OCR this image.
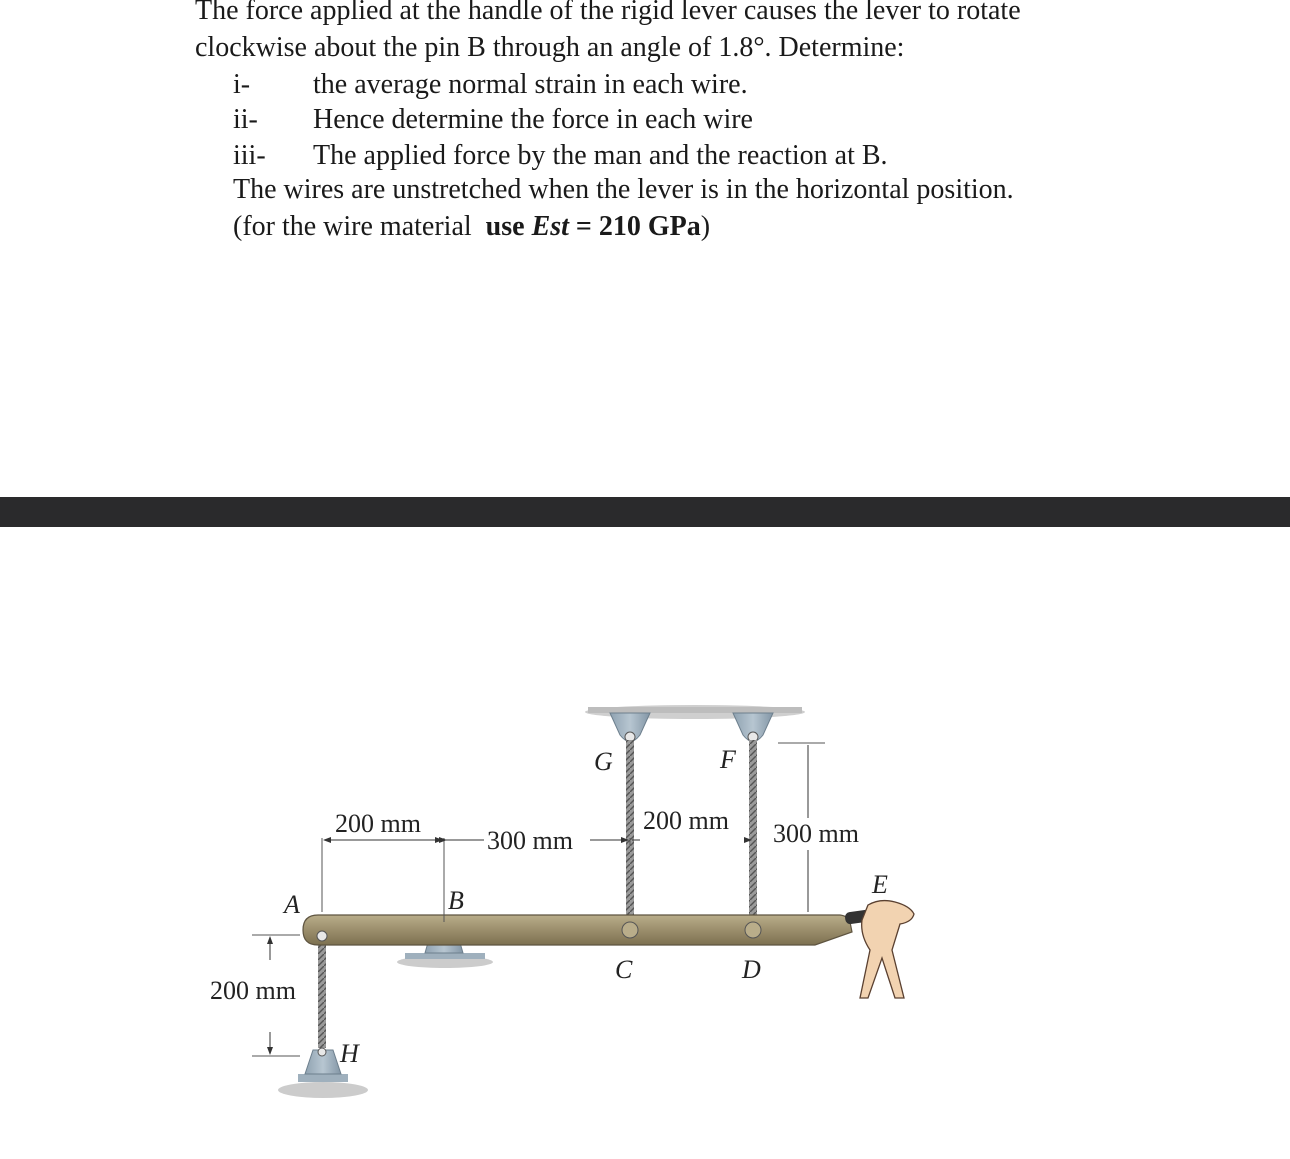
The force applied at the handle of the rigid lever causes the lever to rotate
clockwise about the pin B through an angle of 1.8°. Determine:
i- the average normal strain in each wire.
ii- Hence determine the force in each wire
iii- The applied force by the man and the reaction at B.
The wires are unstretched when the lever is in the horizontal position.
(for the wire material use Est = 210 GPa)
A	B
C	D
E
F
G
H
200 mm
300 mm
200 mm 300 mm
200 mm
